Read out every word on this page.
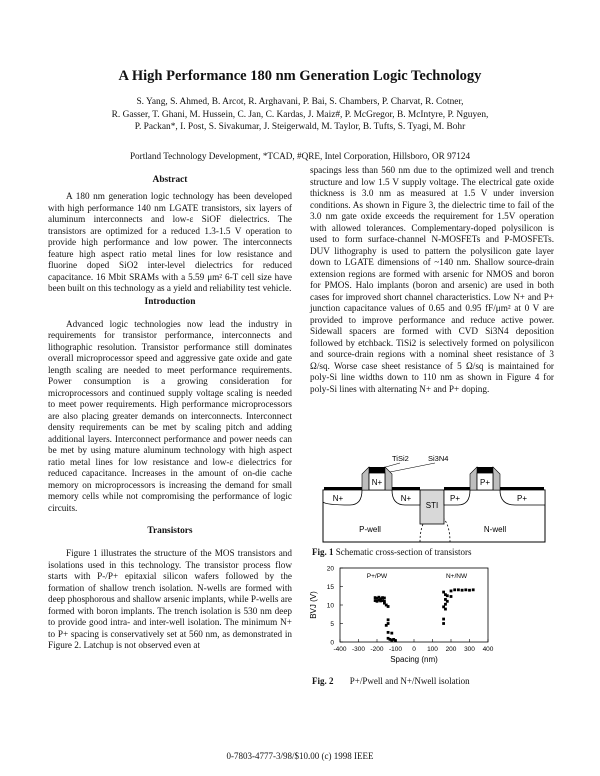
A High Performance 180 nm Generation Logic Technology
S. Yang, S. Ahmed, B. Arcot, R. Arghavani, P. Bai, S. Chambers, P. Charvat, R. Cotner,
R. Gasser, T. Ghani, M. Hussein, C. Jan, C. Kardas, J. Maiz#, P. McGregor, B. McIntyre, P. Nguyen,
P. Packan*, I. Post, S. Sivakumar, J. Steigerwald, M. Taylor, B. Tufts, S. Tyagi, M. Bohr
Portland Technology Development, *TCAD, #QRE, Intel Corporation, Hillsboro, OR 97124
Abstract

A 180 nm generation logic technology has been developed with high performance 140 nm LGATE transistors, six layers of aluminum interconnects and low-ε SiOF dielectrics. The transistors are optimized for a reduced 1.3-1.5 V operation to provide high performance and low power. The interconnects feature high aspect ratio metal lines for low resistance and fluorine doped SiO2 inter-level dielectrics for reduced capacitance. 16 Mbit SRAMs with a 5.59 μm² 6-T cell size have been built on this technology as a yield and reliability test vehicle.

Introduction

Advanced logic technologies now lead the industry in requirements for transistor performance, interconnects and lithographic resolution. Transistor performance still dominates overall microprocessor speed and aggressive gate oxide and gate length scaling are needed to meet performance requirements. Power consumption is a growing consideration for microprocessors and continued supply voltage scaling is needed to meet power requirements. High performance microprocessors are also placing greater demands on interconnects. Interconnect density requirements can be met by scaling pitch and adding additional layers. Interconnect performance and power needs can be met by using mature aluminum technology with high aspect ratio metal lines for low resistance and low-ε dielectrics for reduced capacitance. Increases in the amount of on-die cache memory on microprocessors is increasing the demand for small memory cells while not compromising the performance of logic circuits.

Transistors

Figure 1 illustrates the structure of the MOS transistors and isolations used in this technology. The transistor process flow starts with P-/P+ epitaxial silicon wafers followed by the formation of shallow trench isolation. N-wells are formed with deep phosphorous and shallow arsenic implants, while P-wells are formed with boron implants. The trench isolation is 530 nm deep to provide good intra- and inter-well isolation. The minimum N+ to P+ spacing is conservatively set at 560 nm, as demonstrated in Figure 2. Latchup is not observed even at

spacings less than 560 nm due to the optimized well and trench structure and low 1.5 V supply voltage. The electrical gate oxide thickness is 3.0 nm as measured at 1.5 V under inversion conditions. As shown in Figure 3, the dielectric time to fail of the 3.0 nm gate oxide exceeds the requirement for 1.5V operation with allowed tolerances. Complementary-doped polysilicon is used to form surface-channel N-MOSFETs and P-MOSFETs. DUV lithography is used to pattern the polysilicon gate layer down to LGATE dimensions of ~140 nm. Shallow source-drain extension regions are formed with arsenic for NMOS and boron for PMOS. Halo implants (boron and arsenic) are used in both cases for improved short channel characteristics. Low N+ and P+ junction capacitance values of 0.65 and 0.95 fF/μm² at 0 V are provided to improve performance and reduce active power. Sidewall spacers are formed with CVD Si3N4 deposition followed by etchback. TiSi2 is selectively formed on polysilicon and source-drain regions with a nominal sheet resistance of 3 Ω/sq. Worse case sheet resistance of 5 Ω/sq is maintained for poly-Si line widths down to 110 nm as shown in Figure 4 for poly-Si lines with alternating N+ and P+ doping.

STI
N+	N+	P+	P+
N+	P+
TiSi2	Si3N4
P-well	N-well
Fig. 1 Schematic cross-section of transistors
-400 -300 -200 -100 0 100 200 300 400
0
5
10
15
20
Spacing (nm)
BVJ (V)
P+/PW	N+/NW
Fig. 2 P+/Pwell and N+/Nwell isolation
0-7803-4777-3/98/$10.00 (c) 1998 IEEE
